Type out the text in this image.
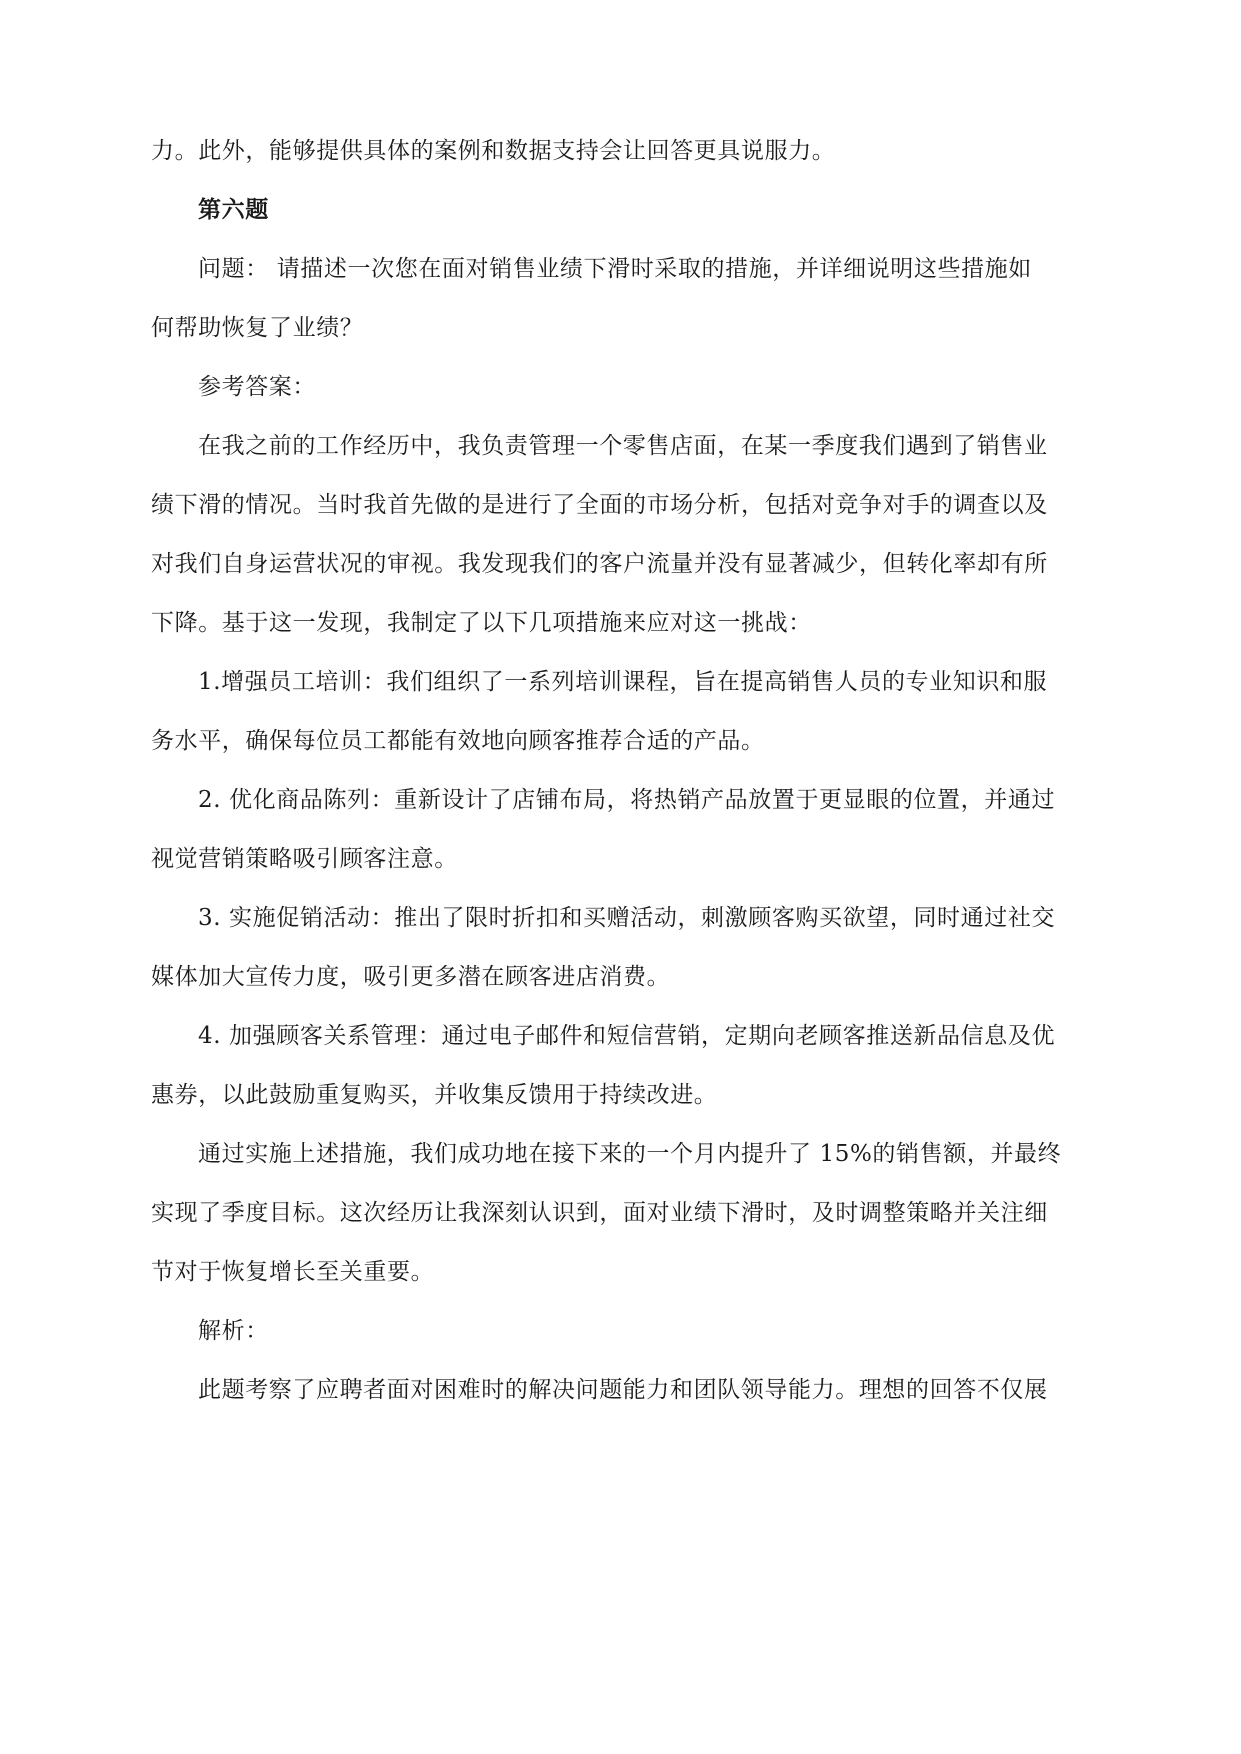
力。此外，能够提供具体的案例和数据支持会让回答更具说服力。
第六题
问题： 请描述一次您在面对销售业绩下滑时采取的措施，并详细说明这些措施如
何帮助恢复了业绩？
参考答案：
在我之前的工作经历中，我负责管理一个零售店面，在某一季度我们遇到了销售业
绩下滑的情况。当时我首先做的是进行了全面的市场分析，包括对竞争对手的调查以及
对我们自身运营状况的审视。我发现我们的客户流量并没有显著减少，但转化率却有所
下降。基于这一发现，我制定了以下几项措施来应对这一挑战：
1.增强员工培训：我们组织了一系列培训课程，旨在提高销售人员的专业知识和服
务水平，确保每位员工都能有效地向顾客推荐合适的产品。
2. 优化商品陈列：重新设计了店铺布局，将热销产品放置于更显眼的位置，并通过
视觉营销策略吸引顾客注意。
3. 实施促销活动：推出了限时折扣和买赠活动，刺激顾客购买欲望，同时通过社交
媒体加大宣传力度，吸引更多潜在顾客进店消费。
4. 加强顾客关系管理：通过电子邮件和短信营销，定期向老顾客推送新品信息及优
惠券，以此鼓励重复购买，并收集反馈用于持续改进。
通过实施上述措施，我们成功地在接下来的一个月内提升了 15%的销售额，并最终
实现了季度目标。这次经历让我深刻认识到，面对业绩下滑时，及时调整策略并关注细
节对于恢复增长至关重要。
解析：
此题考察了应聘者面对困难时的解决问题能力和团队领导能力。理想的回答不仅展
